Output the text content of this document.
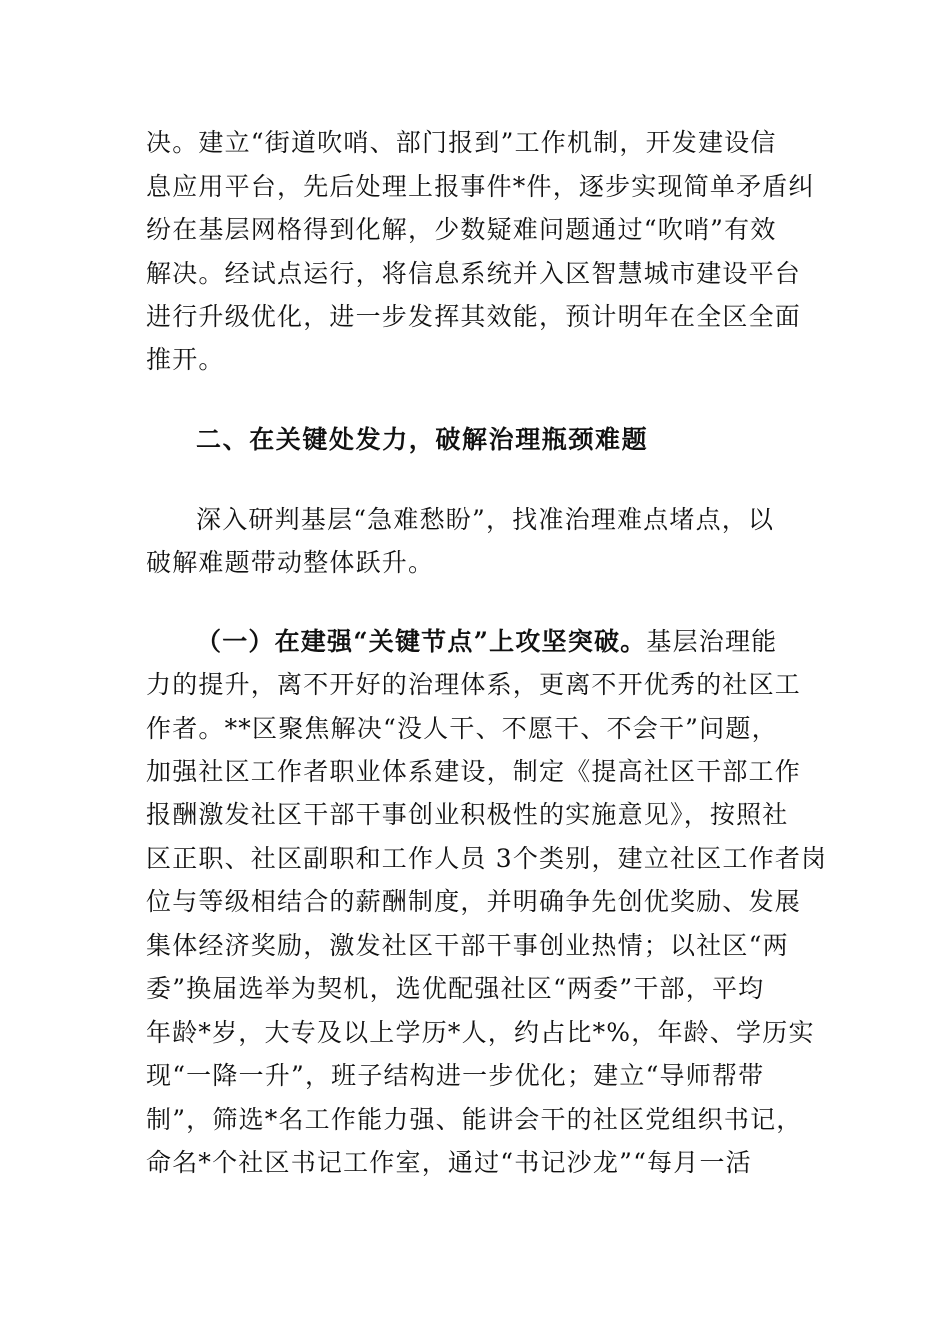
决。建立“街道吹哨、部门报到”工作机制，开发建设信
息应用平台，先后处理上报事件*件，逐步实现简单矛盾纠
纷在基层网格得到化解，少数疑难问题通过“吹哨”有效
解决。经试点运行，将信息系统并入区智慧城市建设平台
进行升级优化，进一步发挥其效能，预计明年在全区全面
推开。
二、在关键处发力，破解治理瓶颈难题
深入研判基层“急难愁盼”，找准治理难点堵点，以
破解难题带动整体跃升。
（一）在建强“关键节点”上攻坚突破。基层治理能
力的提升，离不开好的治理体系，更离不开优秀的社区工
作者。**区聚焦解决“没人干、不愿干、不会干”问题，
加强社区工作者职业体系建设，制定《提高社区干部工作
报酬激发社区干部干事创业积极性的实施意见》，按照社
区正职、社区副职和工作人员 3个类别，建立社区工作者岗
位与等级相结合的薪酬制度，并明确争先创优奖励、发展
集体经济奖励，激发社区干部干事创业热情；以社区“两
委”换届选举为契机，选优配强社区“两委”干部，平均
年龄*岁，大专及以上学历*人，约占比*%，年龄、学历实
现“一降一升”，班子结构进一步优化；建立“导师帮带
制”，筛选*名工作能力强、能讲会干的社区党组织书记，
命名*个社区书记工作室，通过“书记沙龙”“每月一活
